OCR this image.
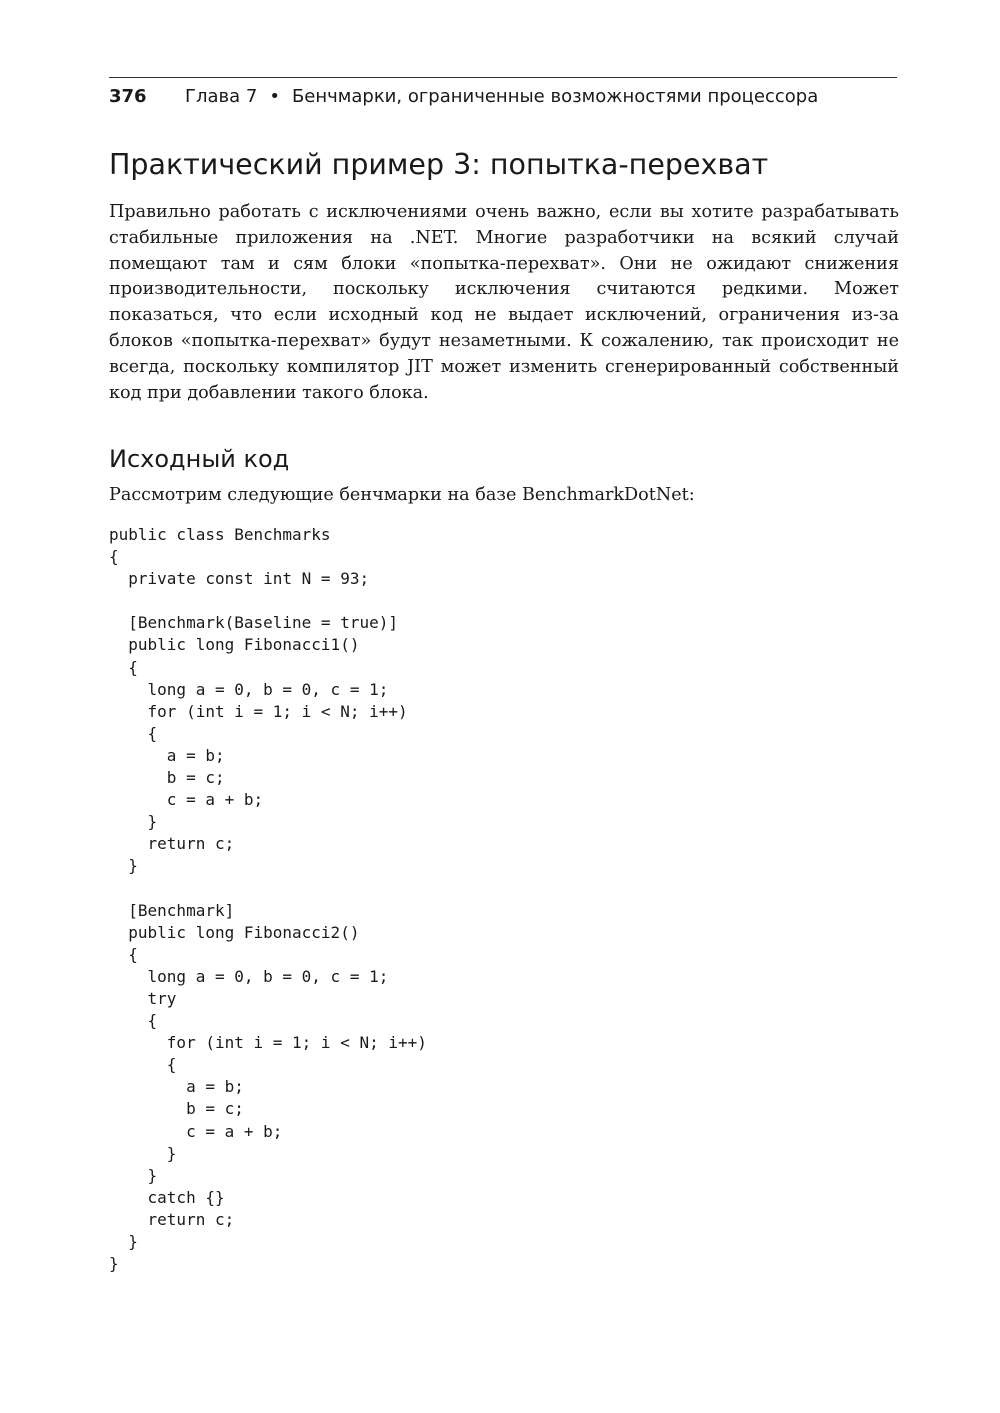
376 Глава 7 • Бенчмарки, ограниченные возможностями процессора
Практический пример 3: попытка-перехват

Правильно работать с исключениями очень важно, если вы хотите разрабатывать стабильные приложения на .NET. Многие разработчики на всякий случай помещают там и сям блоки «попытка-перехват». Они не ожидают снижения производительности, поскольку исключения считаются редкими. Может показаться, что если исходный код не выдает исключений, ограничения из-за блоков «попытка-перехват» будут незаметными. К сожалению, так происходит не всегда, поскольку компилятор JIT может изменить сгенерированный собственный код при добавлении такого блока.

Исходный код

Рассмотрим следующие бенчмарки на базе BenchmarkDotNet:

public class Benchmarks
{
private const int N = 93;
[Benchmark(Baseline = true)]
public long Fibonacci1()
{
long a = 0, b = 0, c = 1;
for (int i = 1; i < N; i++)
{
a = b;
b = c;
c = a + b;
}
return c;
}
[Benchmark]
public long Fibonacci2()
{
long a = 0, b = 0, c = 1;
try
{
for (int i = 1; i < N; i++)
{
a = b;
b = c;
c = a + b;
}
}
catch {}
return c;
}
}
